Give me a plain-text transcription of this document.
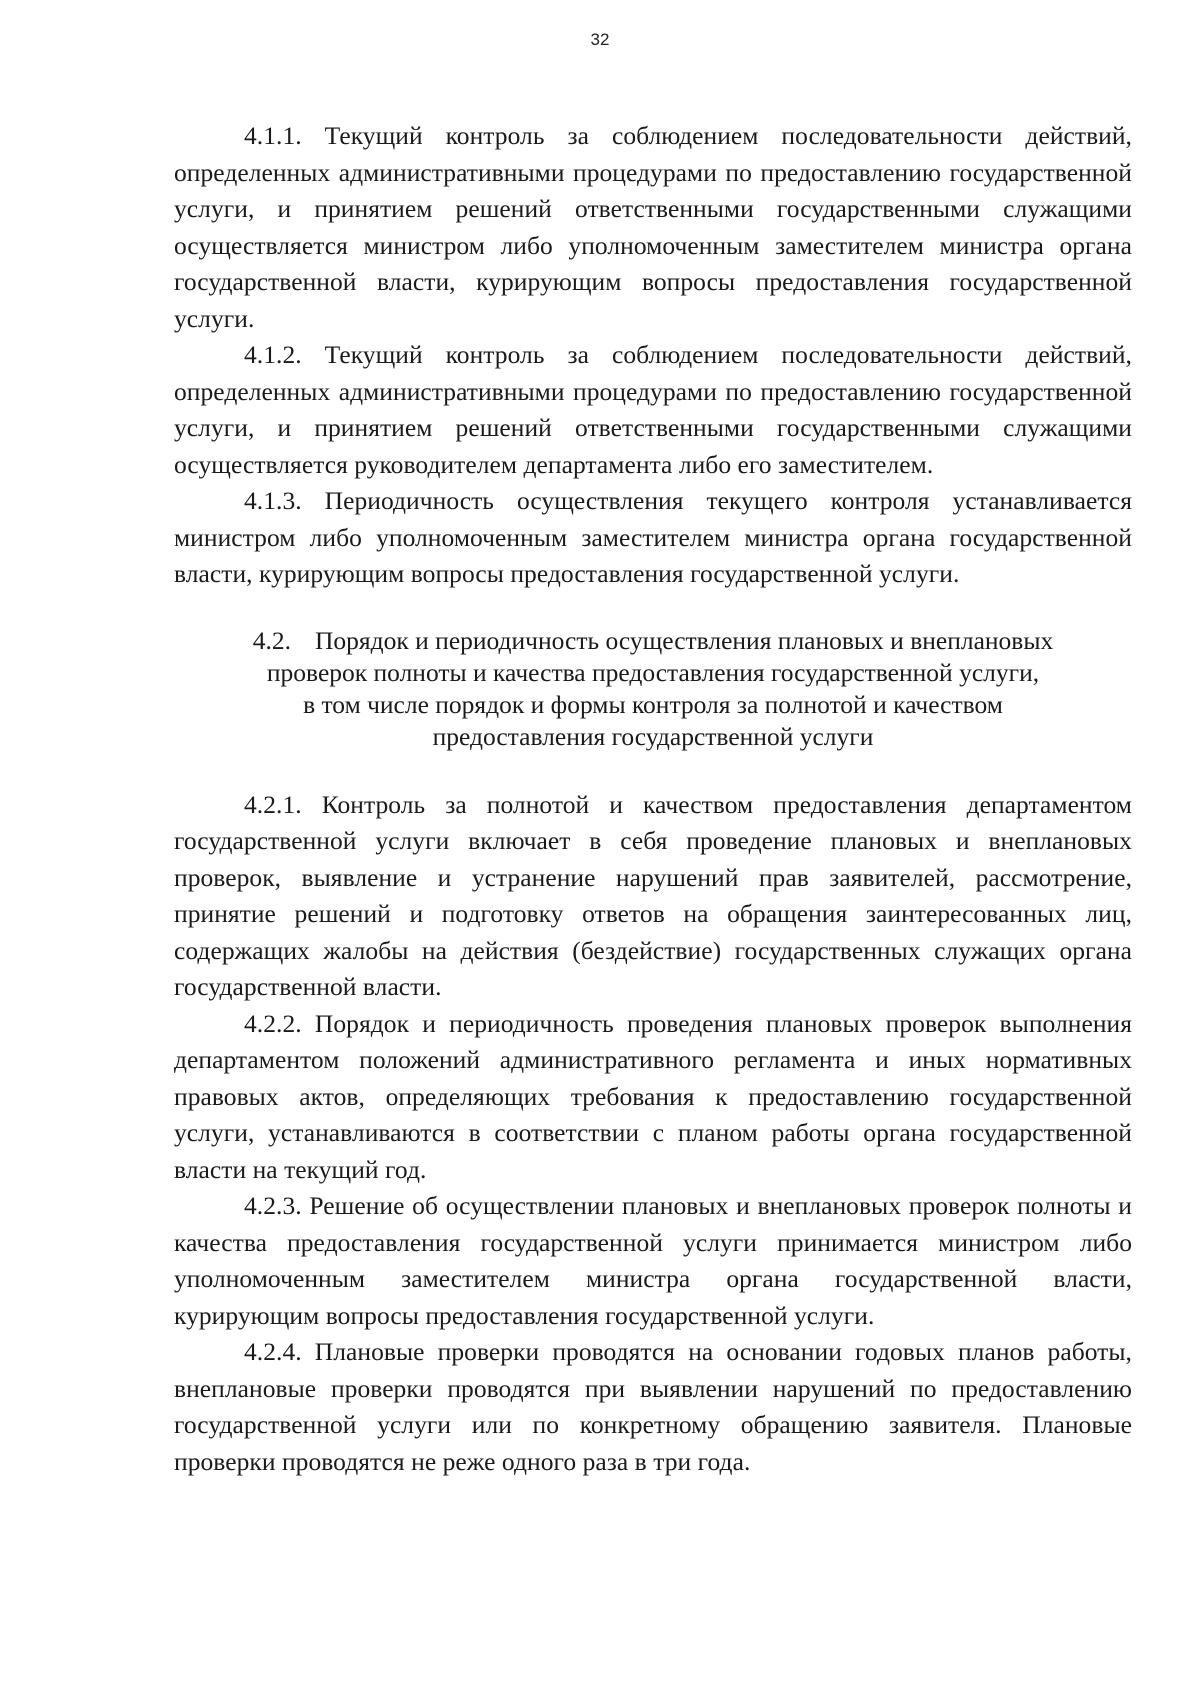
32

4.1.1. Текущий контроль за соблюдением последовательности действий, определенных административными процедурами по предоставлению государственной услуги, и принятием решений ответственными государственными служащими осуществляется министром либо уполномоченным заместителем министра органа государственной власти, курирующим вопросы предоставления государственной услуги.

4.1.2. Текущий контроль за соблюдением последовательности действий, определенных административными процедурами по предоставлению государственной услуги, и принятием решений ответственными государственными служащими осуществляется руководителем департамента либо его заместителем.

4.1.3. Периодичность осуществления текущего контроля устанавливается министром либо уполномоченным заместителем министра органа государственной власти, курирующим вопросы предоставления государственной услуги.

4.2. Порядок и периодичность осуществления плановых и внеплановых
проверок полноты и качества предоставления государственной услуги,
в том числе порядок и формы контроля за полнотой и качеством
предоставления государственной услуги

4.2.1. Контроль за полнотой и качеством предоставления департаментом государственной услуги включает в себя проведение плановых и внеплановых проверок, выявление и устранение нарушений прав заявителей, рассмотрение, принятие решений и подготовку ответов на обращения заинтересованных лиц, содержащих жалобы на действия (бездействие) государственных служащих органа государственной власти.

4.2.2. Порядок и периодичность проведения плановых проверок выполнения департаментом положений административного регламента и иных нормативных правовых актов, определяющих требования к предоставлению государственной услуги, устанавливаются в соответствии с планом работы органа государственной власти на текущий год.

4.2.3. Решение об осуществлении плановых и внеплановых проверок полноты и качества предоставления государственной услуги принимается министром либо уполномоченным заместителем министра органа государственной власти, курирующим вопросы предоставления государственной услуги.

4.2.4. Плановые проверки проводятся на основании годовых планов работы, внеплановые проверки проводятся при выявлении нарушений по предоставлению государственной услуги или по конкретному обращению заявителя. Плановые проверки проводятся не реже одного раза в три года.
